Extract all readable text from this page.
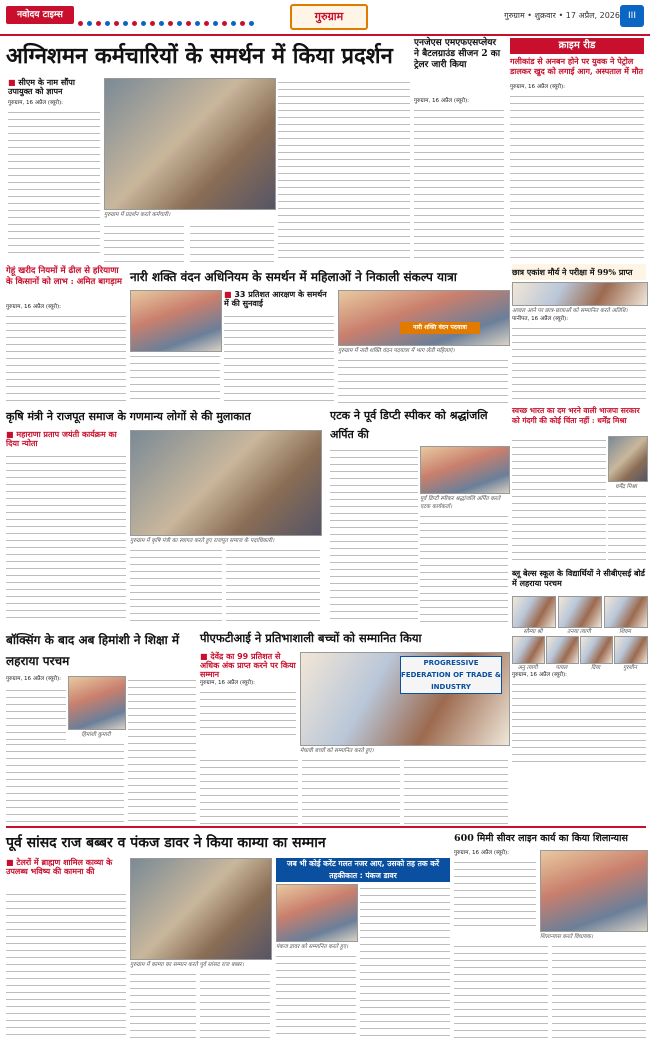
नवोदय टाइम्स	गुरुग्राम	गुरुग्राम • शुक्रवार • 17 अप्रैल, 2026 III
अग्निशमन कर्मचारियों के समर्थन में किया प्रदर्शन
■ सीएम के नाम सौंपा उपायुक्त को ज्ञापन
गुरुग्राम, 16 अप्रैल (ब्यूरो):
गुरुग्राम में प्रदर्शन करते कर्मचारी।
एनजेएस एमएफएसप्लेयर ने बैटलग्राउंड सीजन 2 का ट्रेलर जारी किया
गुरुग्राम, 16 अप्रैल (ब्यूरो):
क्राइम रीड
गलीकांड से अनबन होने पर युवक ने पेट्रोल डालकर खुद को लगाई आग, अस्पताल में मौत
गुरुग्राम, 16 अप्रैल (ब्यूरो):
गेहूं खरीद नियमों में ढील से हरियाणा के किसानों को लाभ : अमित बागड़ाम
गुरुग्राम, 16 अप्रैल (ब्यूरो):
नारी शक्ति वंदन अधिनियम के समर्थन में महिलाओं ने निकाली संकल्प यात्रा
■ 33 प्रतिशत आरक्षण के समर्थन में की सुनवाई
नारी शक्ति वंदन पदयात्रा
गुरुग्राम में नारी शक्ति वंदन पदयात्रा में भाग लेती महिलाएं।
छात्र एकांश मौर्य ने परीक्षा में 99% प्राप्त
अव्वल आने पर छात्र-छात्राओं को सम्मानित करते अतिथि।
पानीपत, 16 अप्रैल (ब्यूरो):
स्वच्छ भारत का दम भरने वाली भाजपा सरकार को गंदगी की कोई चिंता नहीं : धर्मेंद्र मिश्रा
धर्मेंद्र मिश्रा
कृषि मंत्री ने राजपूत समाज के गणमान्य लोगों से की मुलाकात
■ महाराणा प्रताप जयंती कार्यक्रम का दिया न्योता
गुरुग्राम में कृषि मंत्री का स्वागत करते हुए राजपूत समाज के पदाधिकारी।
एटक ने पूर्व डिप्टी स्पीकर को श्रद्धांजलि अर्पित की
पूर्व डिप्टी स्पीकर श्रद्धांजलि अर्पित करते एटक कार्यकर्ता।
ब्लू बेल्स स्कूल के विद्यार्थियों ने सीबीएसई बोर्ड में लहराया परचम
सौम्या श्री	तनया त्यागी	शिवम
अनु त्यागी	पायल	दिया	गुरशीन
गुरुग्राम, 16 अप्रैल (ब्यूरो):
बॉक्सिंग के बाद अब हिमांशी ने शिक्षा में लहराया परचम
गुरुग्राम, 16 अप्रैल (ब्यूरो):
हिमांशी कुमारी
पीएफटीआई ने प्रतिभाशाली बच्चों को सम्मानित किया
■ देवेंद्र का 99 प्रतिशत से अधिक अंक प्राप्त करने पर किया सम्मान
गुरुग्राम, 16 अप्रैल (ब्यूरो):
PROGRESSIVE FEDERATION OF TRADE & INDUSTRY
मेधावी बच्चों को सम्मानित करते हुए।
पूर्व सांसद राज बब्बर व पंकज डावर ने किया काम्या का सम्मान
■ टेलरों में ब्राह्मण शामिल काव्या के उपलब्ध भविष्य की कामना की
गुरुग्राम में काम्या का सम्मान करते पूर्व सांसद राज बब्बर।
जब भी कोई करेंट गलत नजर आए, उसको तह तक करें तहकीकात : पंकज डावर
पंकज डावर को सम्मानित करते हुए।
600 मिमी सीवर लाइन कार्य का किया शिलान्यास
गुरुग्राम, 16 अप्रैल (ब्यूरो):
शिलान्यास करते विधायक।
